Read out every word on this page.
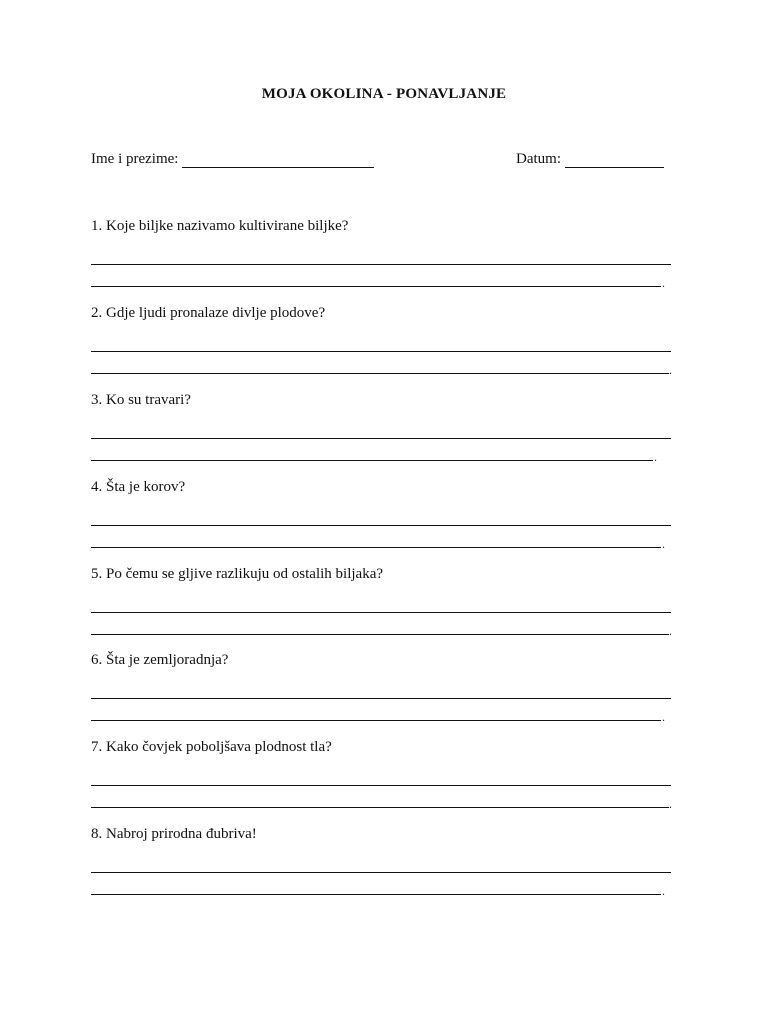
MOJA OKOLINA - PONAVLJANJE
Ime i prezime:	Datum:
1. Koje biljke nazivamo kultivirane biljke?
.
2. Gdje ljudi pronalaze divlje plodove?
.
3. Ko su travari?
.
4. Šta je korov?
.
5. Po čemu se gljive razlikuju od ostalih biljaka?
.
6. Šta je zemljoradnja?
.
7. Kako čovjek poboljšava plodnost tla?
.
8. Nabroj prirodna đubriva!
.
